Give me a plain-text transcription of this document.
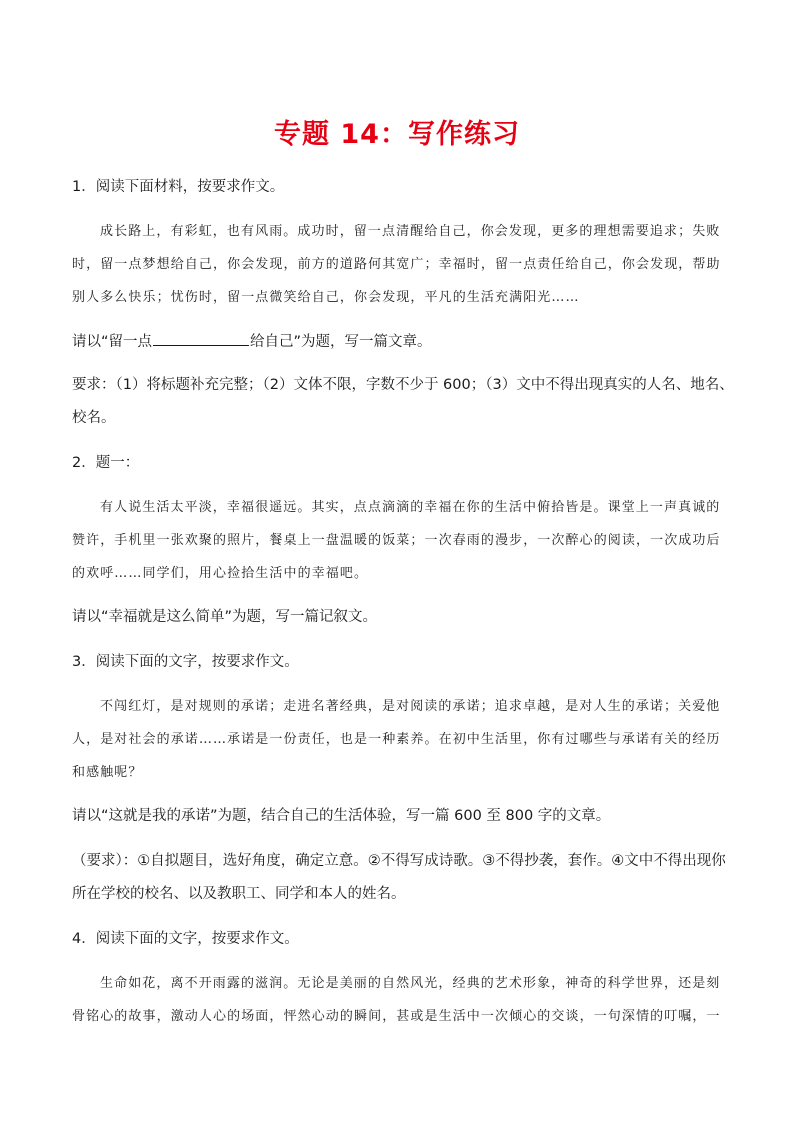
专题 14：写作练习
1．阅读下面材料，按要求作文。
成长路上，有彩虹，也有风雨。成功时，留一点清醒给自己，你会发现，更多的理想需要追求；失败
时，留一点梦想给自己，你会发现，前方的道路何其宽广；幸福时，留一点责任给自己，你会发现，帮助
别人多么快乐；忧伤时，留一点微笑给自己，你会发现，平凡的生活充满阳光……
请以“留一点	给自己”为题，写一篇文章。
要求：（1）将标题补充完整；（2）文体不限，字数不少于 600；（3）文中不得出现真实的人名、地名、
校名。
2．题一：
有人说生活太平淡，幸福很遥远。其实，点点滴滴的幸福在你的生活中俯拾皆是。课堂上一声真诚的
赞许，手机里一张欢聚的照片，餐桌上一盘温暖的饭菜；一次春雨的漫步，一次醉心的阅读，一次成功后
的欢呼……同学们，用心捡拾生活中的幸福吧。
请以“幸福就是这么简单”为题，写一篇记叙文。
3．阅读下面的文字，按要求作文。
不闯红灯，是对规则的承诺；走进名著经典，是对阅读的承诺；追求卓越，是对人生的承诺；关爱他
人，是对社会的承诺……承诺是一份责任，也是一种素养。在初中生活里，你有过哪些与承诺有关的经历
和感触呢？
请以“这就是我的承诺”为题，结合自己的生活体验，写一篇 600 至 800 字的文章。
（要求）：①自拟题目，选好角度，确定立意。②不得写成诗歌。③不得抄袭，套作。④文中不得出现你
所在学校的校名、以及教职工、同学和本人的姓名。
4．阅读下面的文字，按要求作文。
生命如花，离不开雨露的滋润。无论是美丽的自然风光，经典的艺术形象，神奇的科学世界，还是刻
骨铭心的故事，激动人心的场面，怦然心动的瞬间，甚或是生活中一次倾心的交谈，一句深情的叮嘱，一
